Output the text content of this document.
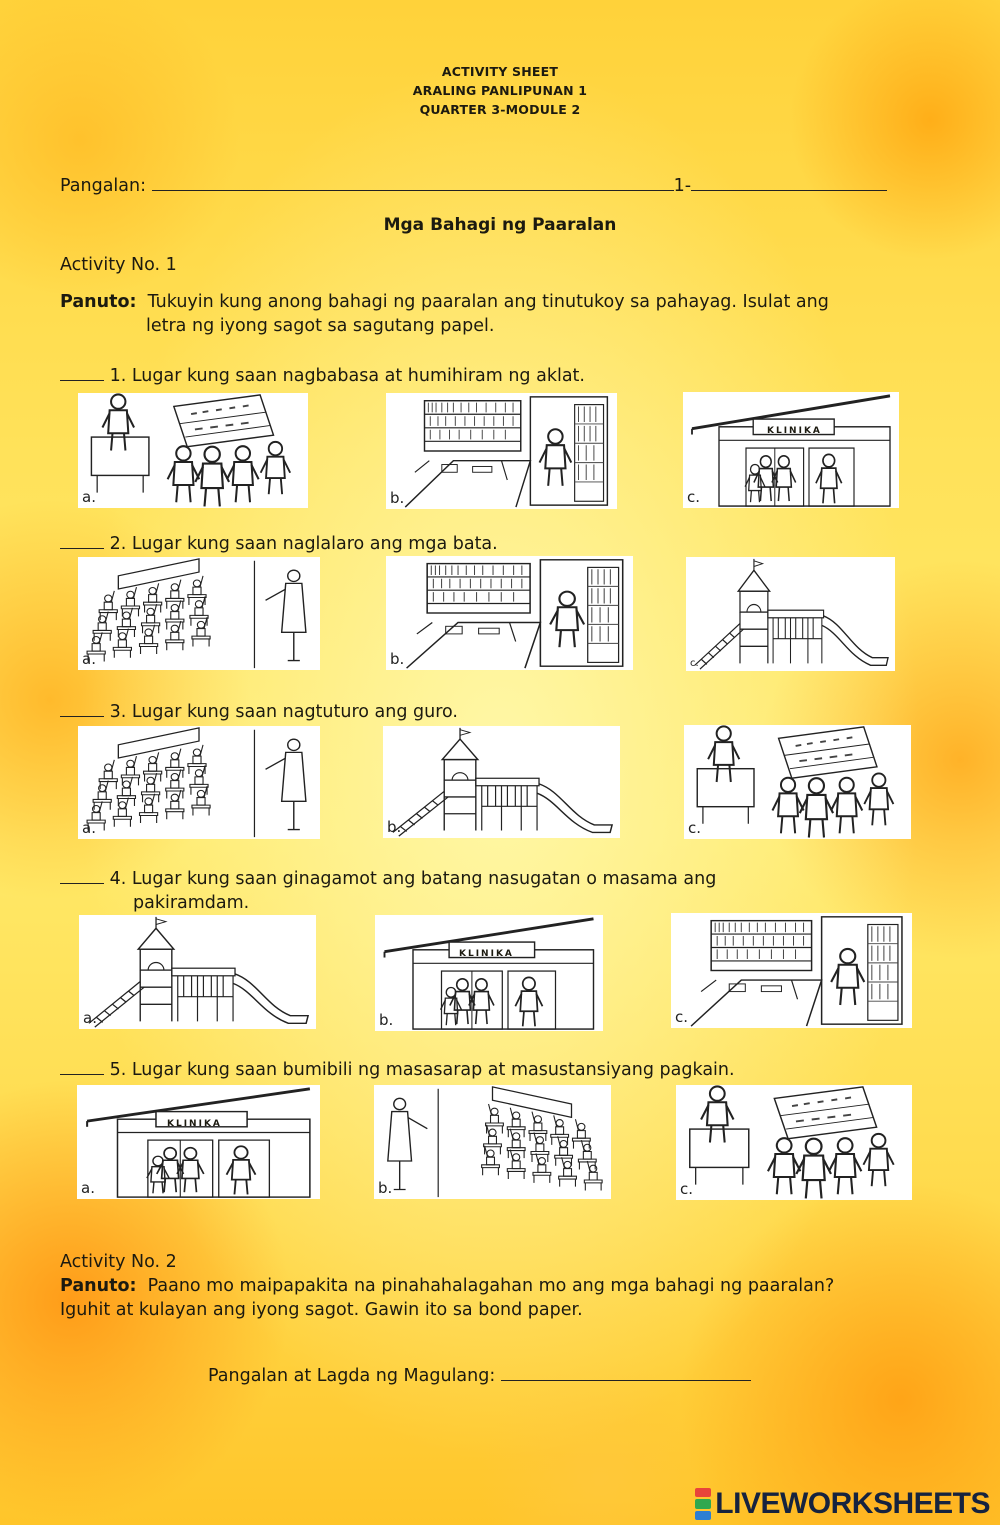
ACTIVITY SHEET
ARALING PANLIPUNAN 1
QUARTER 3-MODULE 2
Pangalan:	1-
Mga Bahagi ng Paaralan
Activity No. 1
Panuto: Tukuyin kung anong bahagi ng paaralan ang tinutukoy sa pahayag. Isulat ang
letra ng iyong sagot sa sagutang papel.
1. Lugar kung saan nagbabasa at humihiram ng aklat.
a.	b.
KLINIKA
c.
2. Lugar kung saan naglalaro ang mga bata.
a.	b.	c.
3. Lugar kung saan nagtuturo ang guro.
a.	b.	c.
4. Lugar kung saan ginagamot ang batang nasugatan o masama ang
pakiramdam.
a.
KLINIKA
b.	c.
5. Lugar kung saan bumibili ng masasarap at masustansiyang pagkain.
KLINIKA
a.	b.	c.
Activity No. 2
Panuto: Paano mo maipapakita na pinahahalagahan mo ang mga bahagi ng paaralan?
Iguhit at kulayan ang iyong sagot. Gawin ito sa bond paper.
Pangalan at Lagda ng Magulang:
LIVEWORKSHEETS
